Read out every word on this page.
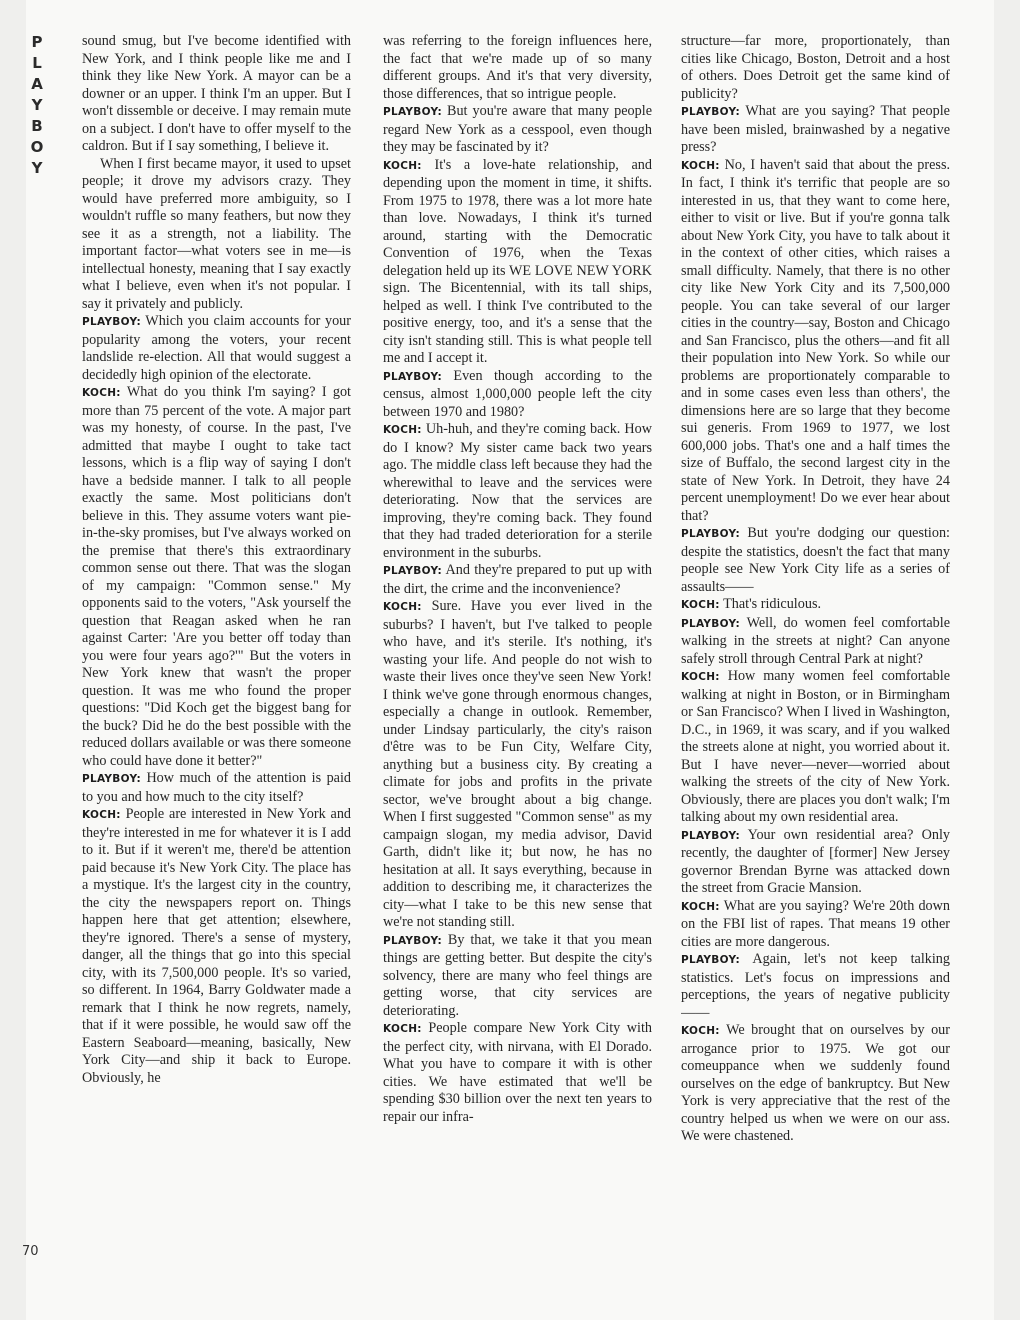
P
L
A
Y
B
O
Y
70

sound smug, but I've become identified with New York, and I think people like me and I think they like New York. A mayor can be a downer or an upper. I think I'm an upper. But I won't dissemble or deceive. I may remain mute on a subject. I don't have to offer myself to the caldron. But if I say something, I believe it.

When I first became mayor, it used to upset people; it drove my advisors crazy. They would have preferred more ambiguity, so I wouldn't ruffle so many feathers, but now they see it as a strength, not a liability. The important factor—what voters see in me—is intellectual honesty, meaning that I say exactly what I believe, even when it's not popular. I say it privately and publicly.

PLAYBOY : Which you claim accounts for your popularity among the voters, your recent landslide re-election. All that would suggest a decidedly high opinion of the electorate.

KOCH : What do you think I'm saying? I got more than 75 percent of the vote. A major part was my honesty, of course. In the past, I've admitted that maybe I ought to take tact lessons, which is a flip way of saying I don't have a bedside manner. I talk to all people exactly the same. Most politicians don't believe in this. They assume voters want pie-in-the-sky promises, but I've always worked on the premise that there's this extraordinary common sense out there. That was the slogan of my campaign: "Common sense." My opponents said to the voters, "Ask yourself the question that Reagan asked when he ran against Carter: 'Are you better off today than you were four years ago?'" But the voters in New York knew that wasn't the proper question. It was me who found the proper questions: "Did Koch get the biggest bang for the buck? Did he do the best possible with the reduced dollars available or was there someone who could have done it better?"

PLAYBOY : How much of the attention is paid to you and how much to the city itself?

KOCH : People are interested in New York and they're interested in me for whatever it is I add to it. But if it weren't me, there'd be attention paid because it's New York City. The place has a mystique. It's the largest city in the country, the city the newspapers report on. Things happen here that get attention; elsewhere, they're ignored. There's a sense of mystery, danger, all the things that go into this special city, with its 7,500,000 people. It's so varied, so different. In 1964, Barry Goldwater made a remark that I think he now regrets, namely, that if it were possible, he would saw off the Eastern Seaboard—meaning, basically, New York City—and ship it back to Europe. Obviously, he

was referring to the foreign influences here, the fact that we're made up of so many different groups. And it's that very diversity, those differences, that so intrigue people.

PLAYBOY : But you're aware that many people regard New York as a cesspool, even though they may be fascinated by it?

KOCH : It's a love-hate relationship, and depending upon the moment in time, it shifts. From 1975 to 1978, there was a lot more hate than love. Nowadays, I think it's turned around, starting with the Democratic Convention of 1976, when the Texas delegation held up its WE LOVE NEW YORK sign. The Bicentennial, with its tall ships, helped as well. I think I've contributed to the positive energy, too, and it's a sense that the city isn't standing still. This is what people tell me and I accept it.

PLAYBOY : Even though according to the census, almost 1,000,000 people left the city between 1970 and 1980?

KOCH : Uh-huh, and they're coming back. How do I know? My sister came back two years ago. The middle class left because they had the wherewithal to leave and the services were deteriorating. Now that the services are improving, they're coming back. They found that they had traded deterioration for a sterile environment in the suburbs.

PLAYBOY : And they're prepared to put up with the dirt, the crime and the inconvenience?

KOCH : Sure. Have you ever lived in the suburbs? I haven't, but I've talked to people who have, and it's sterile. It's nothing, it's wasting your life. And people do not wish to waste their lives once they've seen New York! I think we've gone through enormous changes, especially a change in outlook. Remember, under Lindsay particularly, the city's raison d'être was to be Fun City, Welfare City, anything but a business city. By creating a climate for jobs and profits in the private sector, we've brought about a big change. When I first suggested "Common sense" as my campaign slogan, my media advisor, David Garth, didn't like it; but now, he has no hesitation at all. It says everything, because in addition to describing me, it characterizes the city—what I take to be this new sense that we're not standing still.

PLAYBOY : By that, we take it that you mean things are getting better. But despite the city's solvency, there are many who feel things are getting worse, that city services are deteriorating.

KOCH : People compare New York City with the perfect city, with nirvana, with El Dorado. What you have to compare it with is other cities. We have estimated that we'll be spending $30 billion over the next ten years to repair our infra-

structure—far more, proportionately, than cities like Chicago, Boston, Detroit and a host of others. Does Detroit get the same kind of publicity?

PLAYBOY : What are you saying? That people have been misled, brainwashed by a negative press?

KOCH : No, I haven't said that about the press. In fact, I think it's terrific that people are so interested in us, that they want to come here, either to visit or live. But if you're gonna talk about New York City, you have to talk about it in the context of other cities, which raises a small difficulty. Namely, that there is no other city like New York City and its 7,500,000 people. You can take several of our larger cities in the country—say, Boston and Chicago and San Francisco, plus the others—and fit all their population into New York. So while our problems are proportionately comparable to and in some cases even less than others', the dimensions here are so large that they become sui generis. From 1969 to 1977, we lost 600,000 jobs. That's one and a half times the size of Buffalo, the second largest city in the state of New York. In Detroit, they have 24 percent unemployment! Do we ever hear about that?

PLAYBOY : But you're dodging our question: despite the statistics, doesn't the fact that many people see New York City life as a series of assaults——

KOCH : That's ridiculous.

PLAYBOY : Well, do women feel comfortable walking in the streets at night? Can anyone safely stroll through Central Park at night?

KOCH : How many women feel comfortable walking at night in Boston, or in Birmingham or San Francisco? When I lived in Washington, D.C., in 1969, it was scary, and if you walked the streets alone at night, you worried about it. But I have never—never—worried about walking the streets of the city of New York. Obviously, there are places you don't walk; I'm talking about my own residential area.

PLAYBOY : Your own residential area? Only recently, the daughter of [former] New Jersey governor Brendan Byrne was attacked down the street from Gracie Mansion.

KOCH : What are you saying? We're 20th down on the FBI list of rapes. That means 19 other cities are more dangerous.

PLAYBOY : Again, let's not keep talking statistics. Let's focus on impressions and perceptions, the years of negative publicity——

KOCH : We brought that on ourselves by our arrogance prior to 1975. We got our comeuppance when we suddenly found ourselves on the edge of bankruptcy. But New York is very appreciative that the rest of the country helped us when we were on our ass. We were chastened.
